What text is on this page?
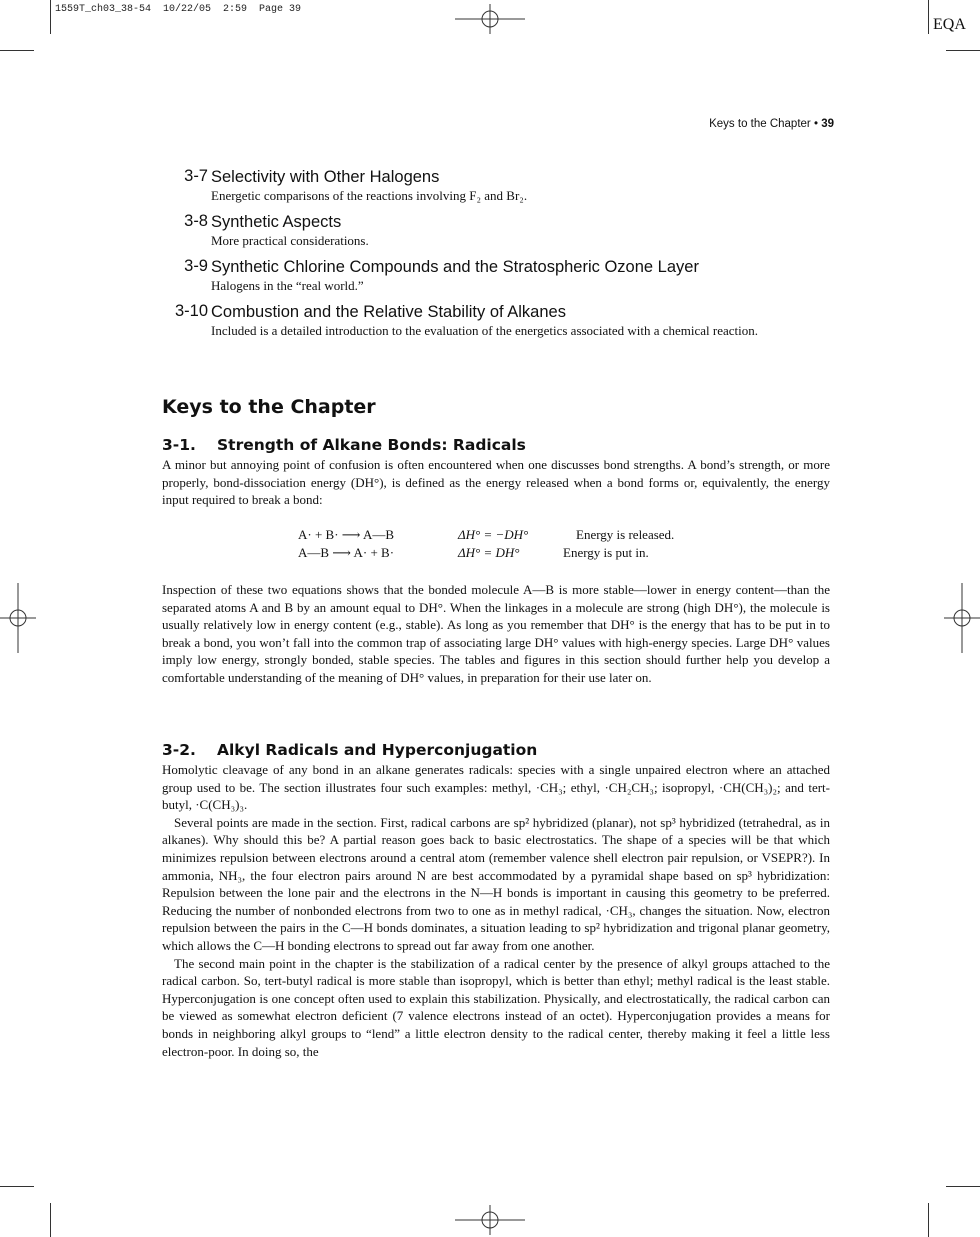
1559T_ch03_38-54  10/22/05  2:59  Page 39
EQA
Keys to the Chapter • 39
3-7 Selectivity with Other Halogens
Energetic comparisons of the reactions involving F₂ and Br₂.
3-8 Synthetic Aspects
More practical considerations.
3-9 Synthetic Chlorine Compounds and the Stratospheric Ozone Layer
Halogens in the “real world.”
3-10 Combustion and the Relative Stability of Alkanes
Included is a detailed introduction to the evaluation of the energetics associated with a chemical reaction.
Keys to the Chapter
3-1. Strength of Alkane Bonds: Radicals

A minor but annoying point of confusion is often encountered when one discusses bond strengths. A bond’s strength, or more properly, bond-dissociation energy (DH°), is defined as the energy released when a bond forms or, equivalently, the energy input required to break a bond:

A· + B· ⟶ A—B	ΔH° = −DH°	Energy is released.
A—B ⟶ A· + B·	ΔH° = DH°	Energy is put in.

Inspection of these two equations shows that the bonded molecule A—B is more stable—lower in energy content—than the separated atoms A and B by an amount equal to DH°. When the linkages in a molecule are strong (high DH°), the molecule is usually relatively low in energy content (e.g., stable). As long as you remember that DH° is the energy that has to be put in to break a bond, you won’t fall into the common trap of associating large DH° values with high-energy species. Large DH° values imply low energy, strongly bonded, stable species. The tables and figures in this section should further help you develop a comfortable understanding of the meaning of DH° values, in preparation for their use later on.

3-2. Alkyl Radicals and Hyperconjugation

Homolytic cleavage of any bond in an alkane generates radicals: species with a single unpaired electron where an attached group used to be. The section illustrates four such examples: methyl, ·CH₃; ethyl, ·CH₂CH₃; isopropyl, ·CH(CH₃)₂; and tert-butyl, ·C(CH₃)₃.

Several points are made in the section. First, radical carbons are sp² hybridized (planar), not sp³ hybridized (tetrahedral, as in alkanes). Why should this be? A partial reason goes back to basic electrostatics. The shape of a species will be that which minimizes repulsion between electrons around a central atom (remember valence shell electron pair repulsion, or VSEPR?). In ammonia, NH₃, the four electron pairs around N are best accommodated by a pyramidal shape based on sp³ hybridization: Repulsion between the lone pair and the electrons in the N—H bonds is important in causing this geometry to be preferred. Reducing the number of nonbonded electrons from two to one as in methyl radical, ·CH₃, changes the situation. Now, electron repulsion between the pairs in the C—H bonds dominates, a situation leading to sp² hybridization and trigonal planar geometry, which allows the C—H bonding electrons to spread out far away from one another.

The second main point in the chapter is the stabilization of a radical center by the presence of alkyl groups attached to the radical carbon. So, tert-butyl radical is more stable than isopropyl, which is better than ethyl; methyl radical is the least stable. Hyperconjugation is one concept often used to explain this stabilization. Physically, and electrostatically, the radical carbon can be viewed as somewhat electron deficient (7 valence electrons instead of an octet). Hyperconjugation provides a means for bonds in neighboring alkyl groups to “lend” a little electron density to the radical center, thereby making it feel a little less electron-poor. In doing so, the
